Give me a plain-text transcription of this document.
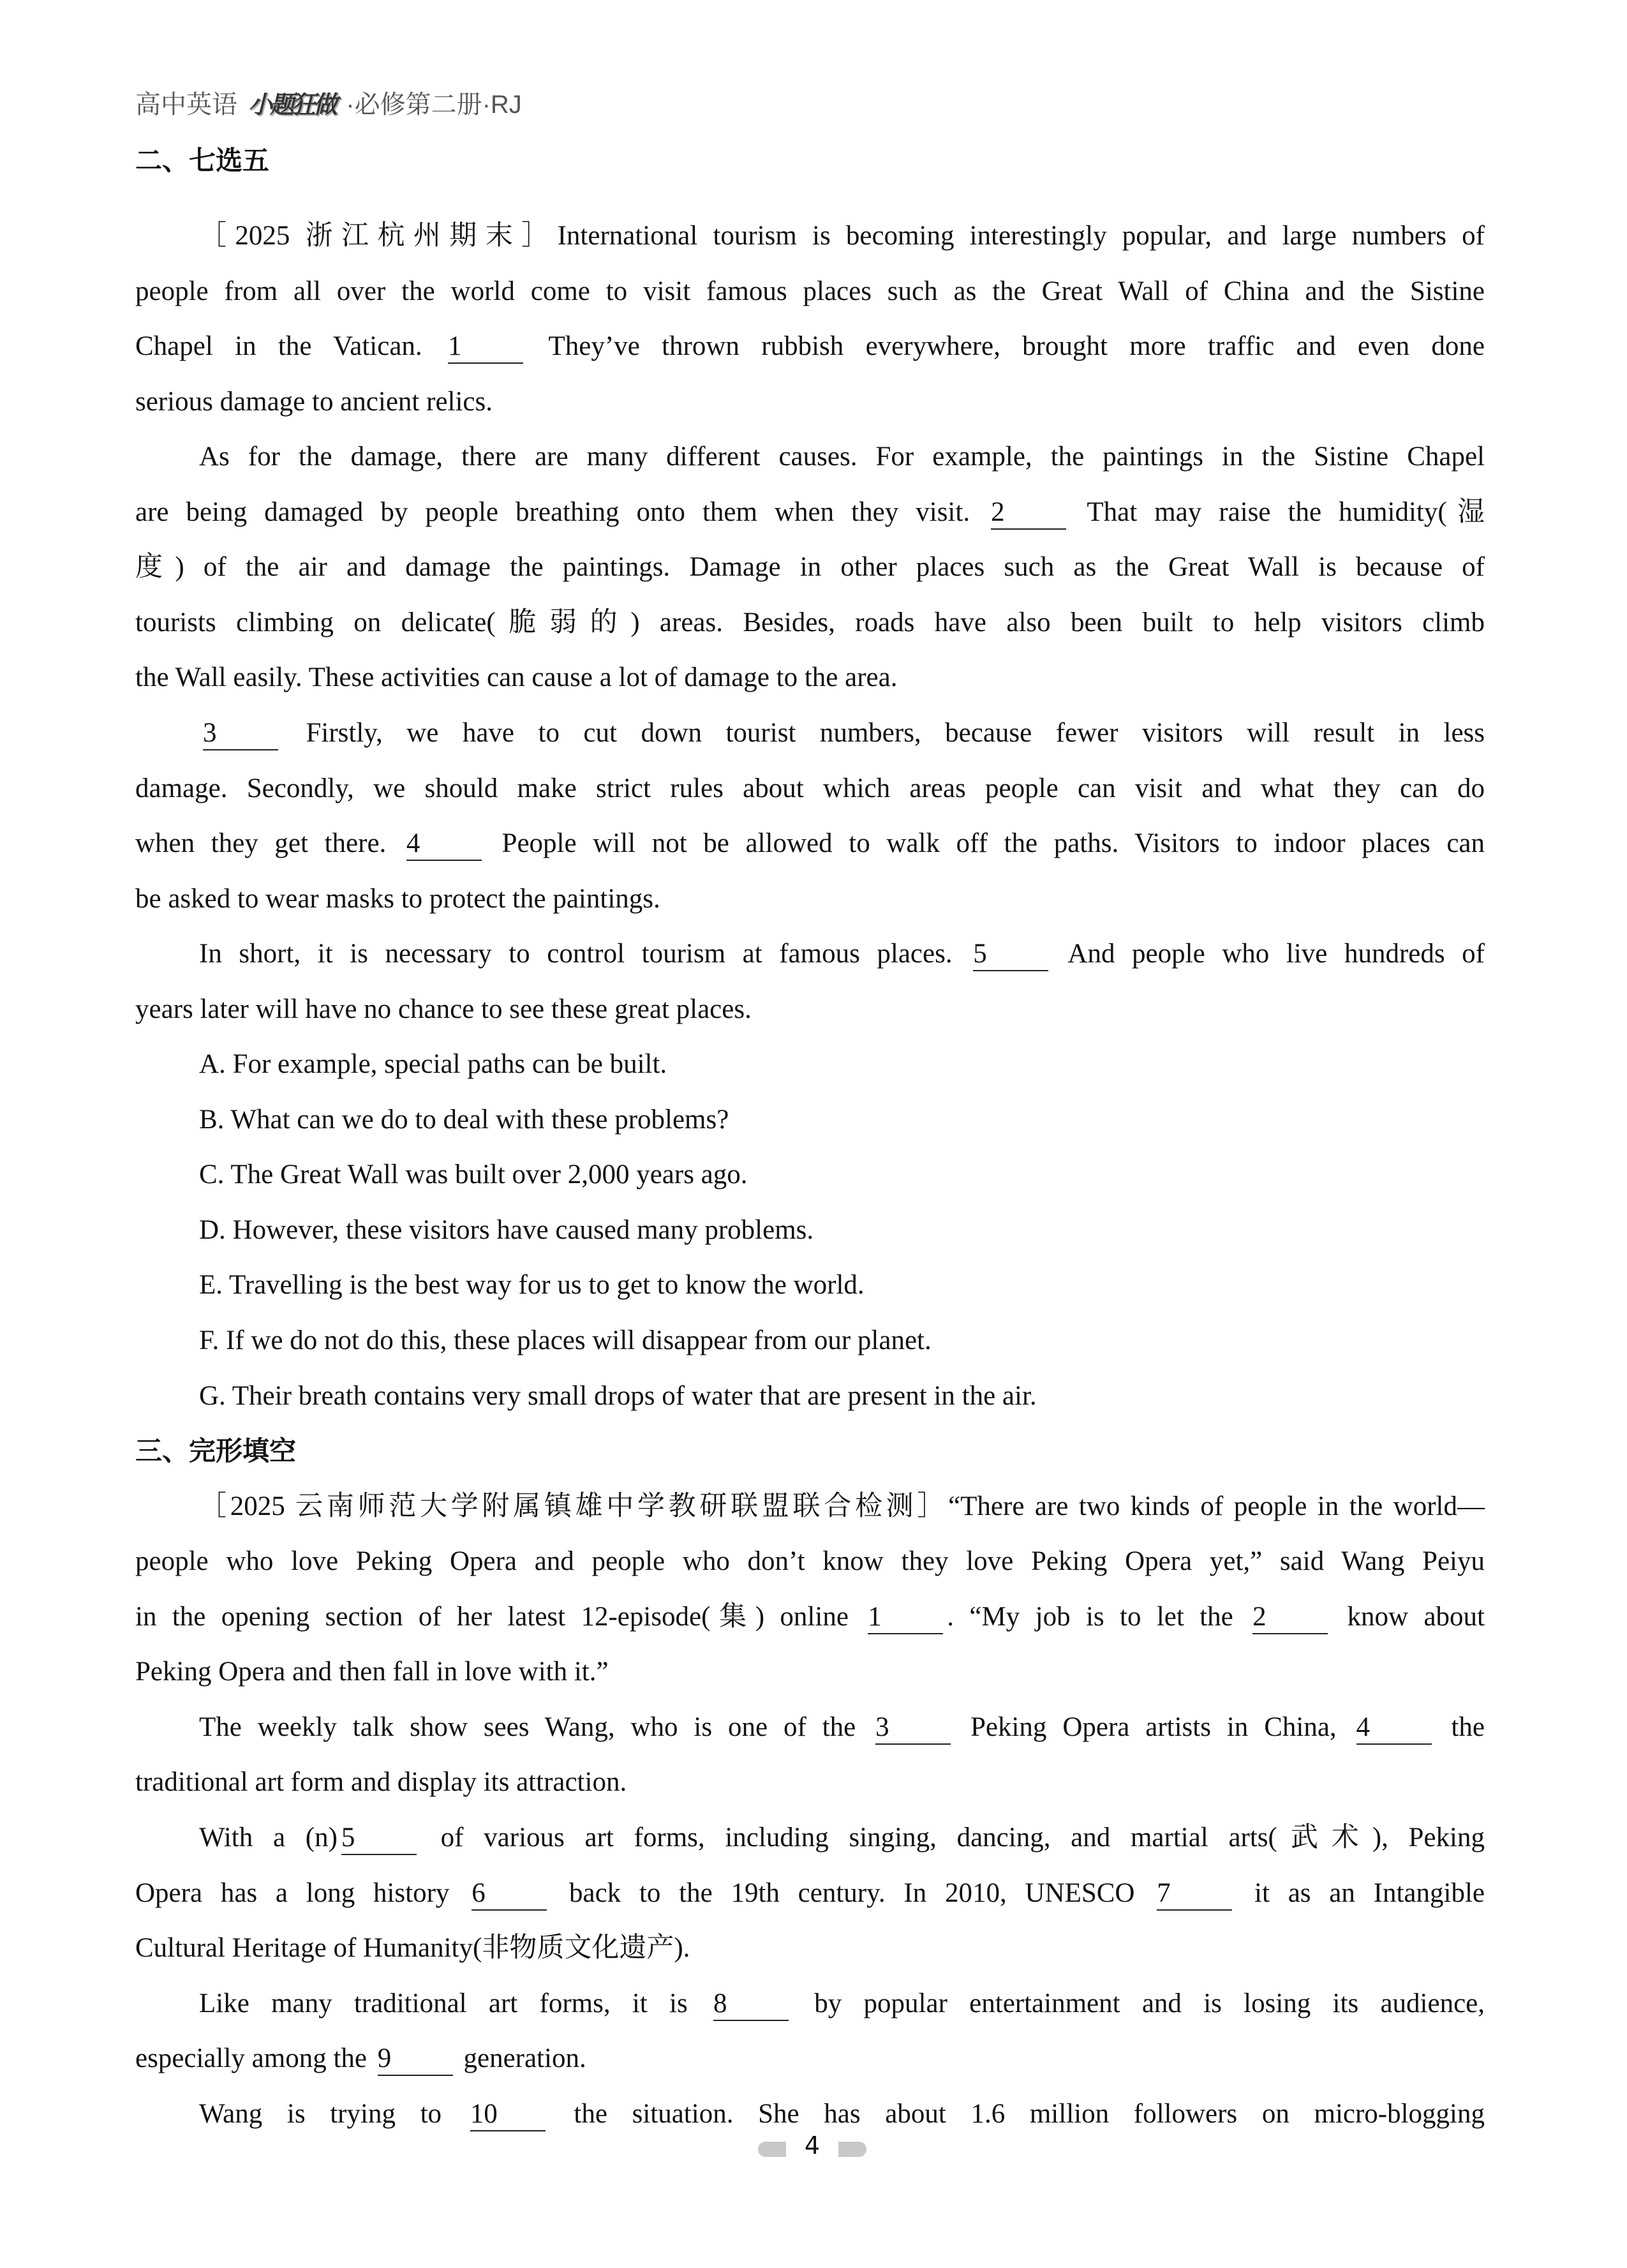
高中英语 小题狂做 ·必修第二册·RJ
二、七选五
［2025 浙江杭州期末］International tourism is becoming interestingly popular, and large numbers of
people from all over the world come to visit famous places such as the Great Wall of China and the Sistine
Chapel in the Vatican. 1 They’ve thrown rubbish everywhere, brought more traffic and even done
serious damage to ancient relics.
As for the damage, there are many different causes. For example, the paintings in the Sistine Chapel
are being damaged by people breathing onto them when they visit. 2 That may raise the humidity(湿
度) of the air and damage the paintings. Damage in other places such as the Great Wall is because of
tourists climbing on delicate(脆弱的) areas. Besides, roads have also been built to help visitors climb
the Wall easily. These activities can cause a lot of damage to the area.
3 Firstly, we have to cut down tourist numbers, because fewer visitors will result in less
damage. Secondly, we should make strict rules about which areas people can visit and what they can do
when they get there. 4 People will not be allowed to walk off the paths. Visitors to indoor places can
be asked to wear masks to protect the paintings.
In short, it is necessary to control tourism at famous places. 5 And people who live hundreds of
years later will have no chance to see these great places.
A. For example, special paths can be built.
B. What can we do to deal with these problems?
C. The Great Wall was built over 2,000 years ago.
D. However, these visitors have caused many problems.
E. Travelling is the best way for us to get to know the world.
F. If we do not do this, these places will disappear from our planet.
G. Their breath contains very small drops of water that are present in the air.
三、完形填空
［2025 云南师范大学附属镇雄中学教研联盟联合检测］“There are two kinds of people in the world—
people who love Peking Opera and people who don’t know they love Peking Opera yet,” said Wang Peiyu
in the opening section of her latest 12-episode(集) online 1 . “My job is to let the 2 know about
Peking Opera and then fall in love with it.”
The weekly talk show sees Wang, who is one of the 3 Peking Opera artists in China, 4 the
traditional art form and display its attraction.
With a (n) 5 of various art forms, including singing, dancing, and martial arts(武术), Peking
Opera has a long history 6 back to the 19th century. In 2010, UNESCO 7 it as an Intangible
Cultural Heritage of Humanity(非物质文化遗产).
Like many traditional art forms, it is 8 by popular entertainment and is losing its audience,
especially among the 9 generation.
Wang is trying to 10 the situation. She has about 1.6 million followers on micro-blogging
4
